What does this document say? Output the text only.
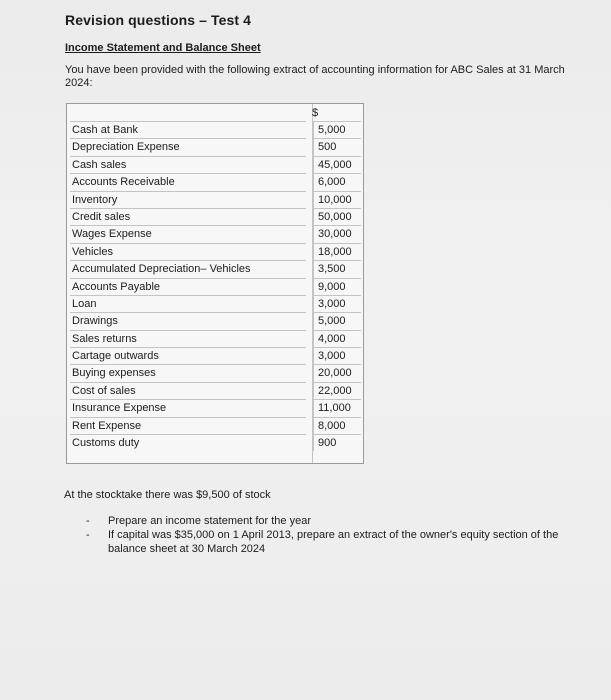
Revision questions – Test 4
Income Statement and Balance Sheet
You have been provided with the following extract of accounting information for ABC Sales at 31 March 2024:
$
Cash at Bank	5,000
Depreciation Expense	500
Cash sales	45,000
Accounts Receivable	6,000
Inventory	10,000
Credit sales	50,000
Wages Expense	30,000
Vehicles	18,000
Accumulated Depreciation– Vehicles	3,500
Accounts Payable	9,000
Loan	3,000
Drawings	5,000
Sales returns	4,000
Cartage outwards	3,000
Buying expenses	20,000
Cost of sales	22,000
Insurance Expense	11,000
Rent Expense	8,000
Customs duty	900
At the stocktake there was $9,500 of stock
- Prepare an income statement for the year
- If capital was $35,000 on 1 April 2013, prepare an extract of the owner's equity section of the balance sheet at 30 March 2024
